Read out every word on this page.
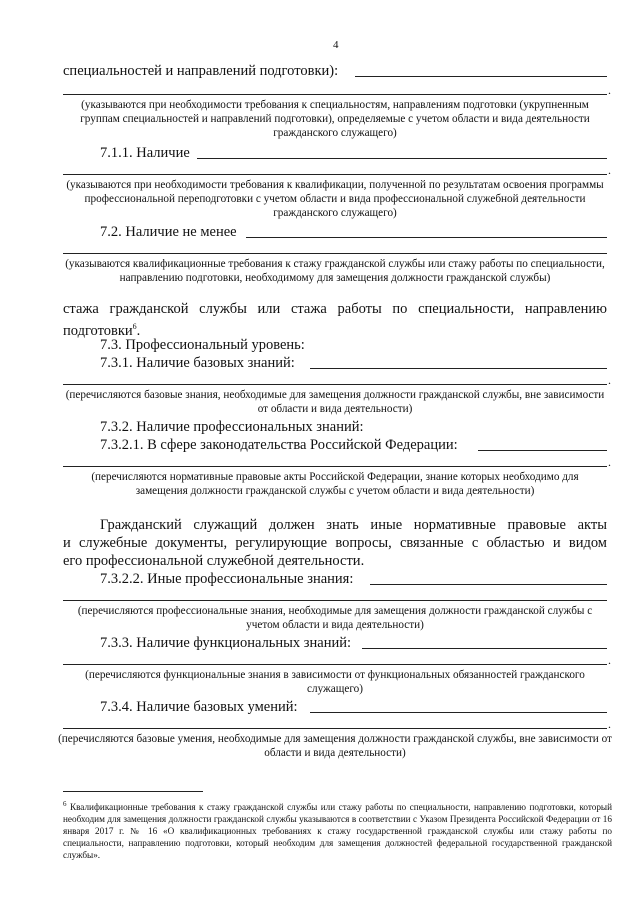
4
специальностей и направлений подготовки):
.
(указываются при необходимости требования к специальностям, направлениям подготовки (укрупненным группам специальностей и направлений подготовки), определяемые с учетом области и вида деятельности гражданского служащего)
7.1.1. Наличие
.
(указываются при необходимости требования к квалификации, полученной по результатам освоения программы профессиональной переподготовки с учетом области и вида профессиональной служебной деятельности гражданского служащего)
7.2. Наличие не менее
(указываются квалификационные требования к стажу гражданской службы или стажу работы по специальности, направлению подготовки, необходимому для замещения должности гражданской службы)
стажа гражданской службы или стажа работы по специальности, направлению
подготовки$^6$.
7.3. Профессиональный уровень:
7.3.1. Наличие базовых знаний:
.
(перечисляются базовые знания, необходимые для замещения должности гражданской службы, вне зависимости от области и вида деятельности)
7.3.2. Наличие профессиональных знаний:
7.3.2.1. В сфере законодательства Российской Федерации:
.
(перечисляются нормативные правовые акты Российской Федерации, знание которых необходимо для замещения должности гражданской службы с учетом области и вида деятельности)
Гражданский служащий должен знать иные нормативные правовые акты
и служебные документы, регулирующие вопросы, связанные с областью и видом
его профессиональной служебной деятельности.
7.3.2.2. Иные профессиональные знания:
(перечисляются профессиональные знания, необходимые для замещения должности гражданской службы с учетом области и вида деятельности)
7.3.3. Наличие функциональных знаний:
.
(перечисляются функциональные знания в зависимости от функциональных обязанностей гражданского служащего)
7.3.4. Наличие базовых умений:
.
(перечисляются базовые умения, необходимые для замещения должности гражданской службы, вне зависимости от области и вида деятельности)
$^6$ Квалификационные требования к стажу гражданской службы или стажу работы по специальности, направлению подготовки, который необходим для замещения должности гражданской службы указываются в соответствии с Указом Президента Российской Федерации от 16 января 2017 г. № 16 «О квалификационных требованиях к стажу государственной гражданской службы или стажу работы по специальности, направлению подготовки, который необходим для замещения должностей федеральной государственной гражданской службы».
